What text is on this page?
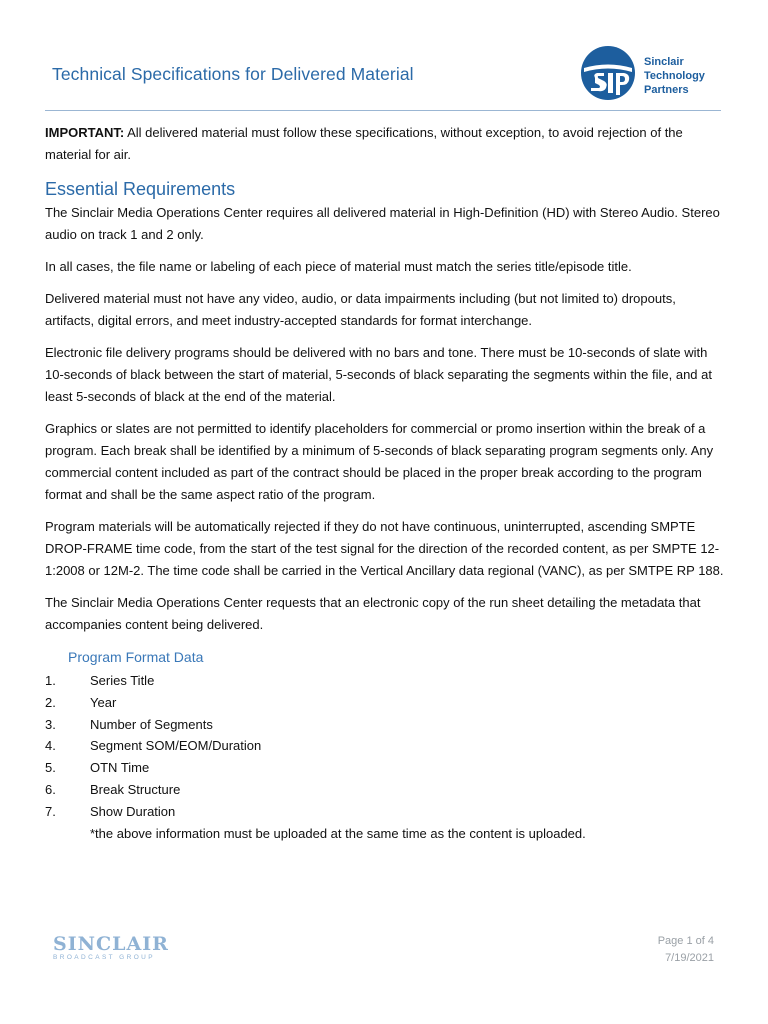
Technical Specifications for Delivered Material
Sinclair
Technology
Partners

IMPORTANT: All delivered material must follow these specifications, without exception, to avoid rejection of the material for air.

Essential Requirements

The Sinclair Media Operations Center requires all delivered material in High-Definition (HD) with Stereo Audio. Stereo audio on track 1 and 2 only.

In all cases, the file name or labeling of each piece of material must match the series title/episode title.

Delivered material must not have any video, audio, or data impairments including (but not limited to) dropouts, artifacts, digital errors, and meet industry-accepted standards for format interchange.

Electronic file delivery programs should be delivered with no bars and tone. There must be 10-seconds of slate with 10-seconds of black between the start of material, 5-seconds of black separating the segments within the file, and at least 5-seconds of black at the end of the material.

Graphics or slates are not permitted to identify placeholders for commercial or promo insertion within the break of a program. Each break shall be identified by a minimum of 5-seconds of black separating program segments only. Any commercial content included as part of the contract should be placed in the proper break according to the program format and shall be the same aspect ratio of the program.

Program materials will be automatically rejected if they do not have continuous, uninterrupted, ascending SMPTE DROP-FRAME time code, from the start of the test signal for the direction of the recorded content, as per SMPTE 12-1:2008 or 12M-2. The time code shall be carried in the Vertical Ancillary data regional (VANC), as per SMTPE RP 188.

The Sinclair Media Operations Center requests that an electronic copy of the run sheet detailing the metadata that accompanies content being delivered.

Program Format Data
1.	Series Title
2.	Year
3.	Number of Segments
4.	Segment SOM/EOM/Duration
5.	OTN Time
6.	Break Structure
7.	Show Duration
*the above information must be uploaded at the same time as the content is uploaded.
SINCLAIR
BROADCAST GROUP
Page 1 of 4
7/19/2021
